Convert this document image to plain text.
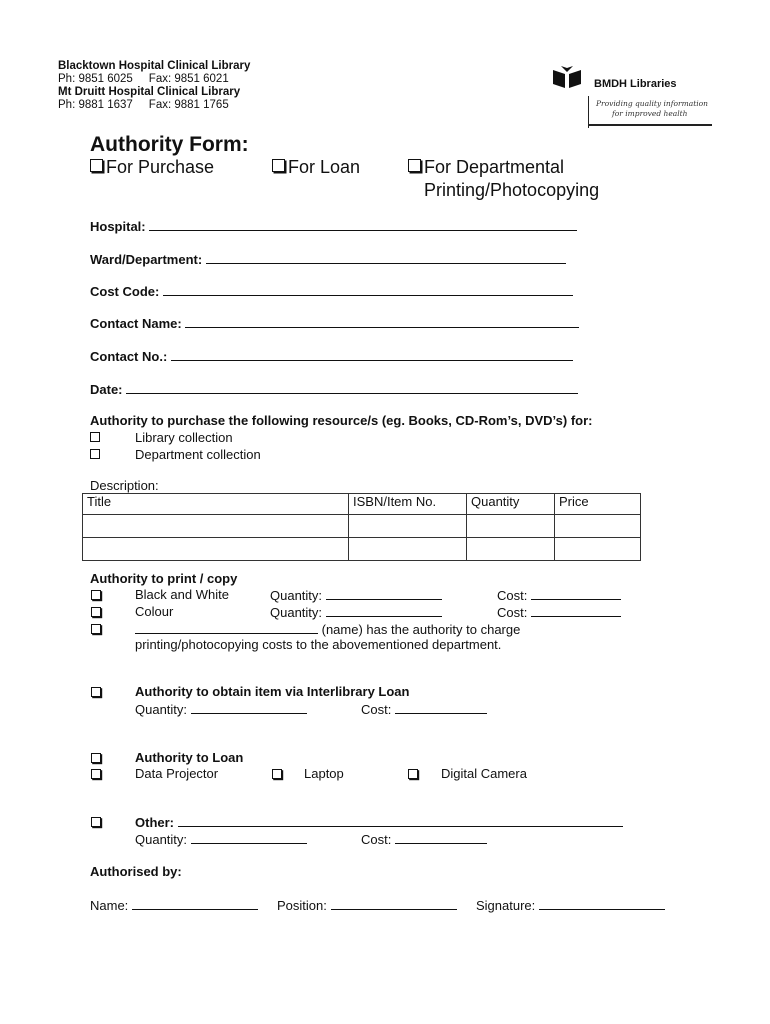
Blacktown Hospital Clinical Library
Ph: 9851 6025     Fax: 9851 6021
Mt Druitt Hospital Clinical Library
Ph: 9881 1637     Fax: 9881 1765
BMDH Libraries
Providing quality information
for improved health
Authority Form:
For Purchase	For Loan	For Departmental
Printing/Photocopying
Hospital:
Ward/Department:
Cost Code:
Contact Name:
Contact No.:
Date:
Authority to purchase the following resource/s (eg. Books, CD-Rom’s, DVD’s) for:
Library collection
Department collection
Description:
Title	ISBN/Item No.	Quantity	Price

Authority to print / copy
Black and White	Quantity:	Cost:
Colour	Quantity:	Cost:
(name) has the authority to charge
printing/photocopying costs to the abovementioned department.
Authority to obtain item via Interlibrary Loan
Quantity:	Cost:
Authority to Loan
Data Projector	Laptop	Digital Camera
Other:
Quantity:	Cost:
Authorised by:
Name:	Position:	Signature:
